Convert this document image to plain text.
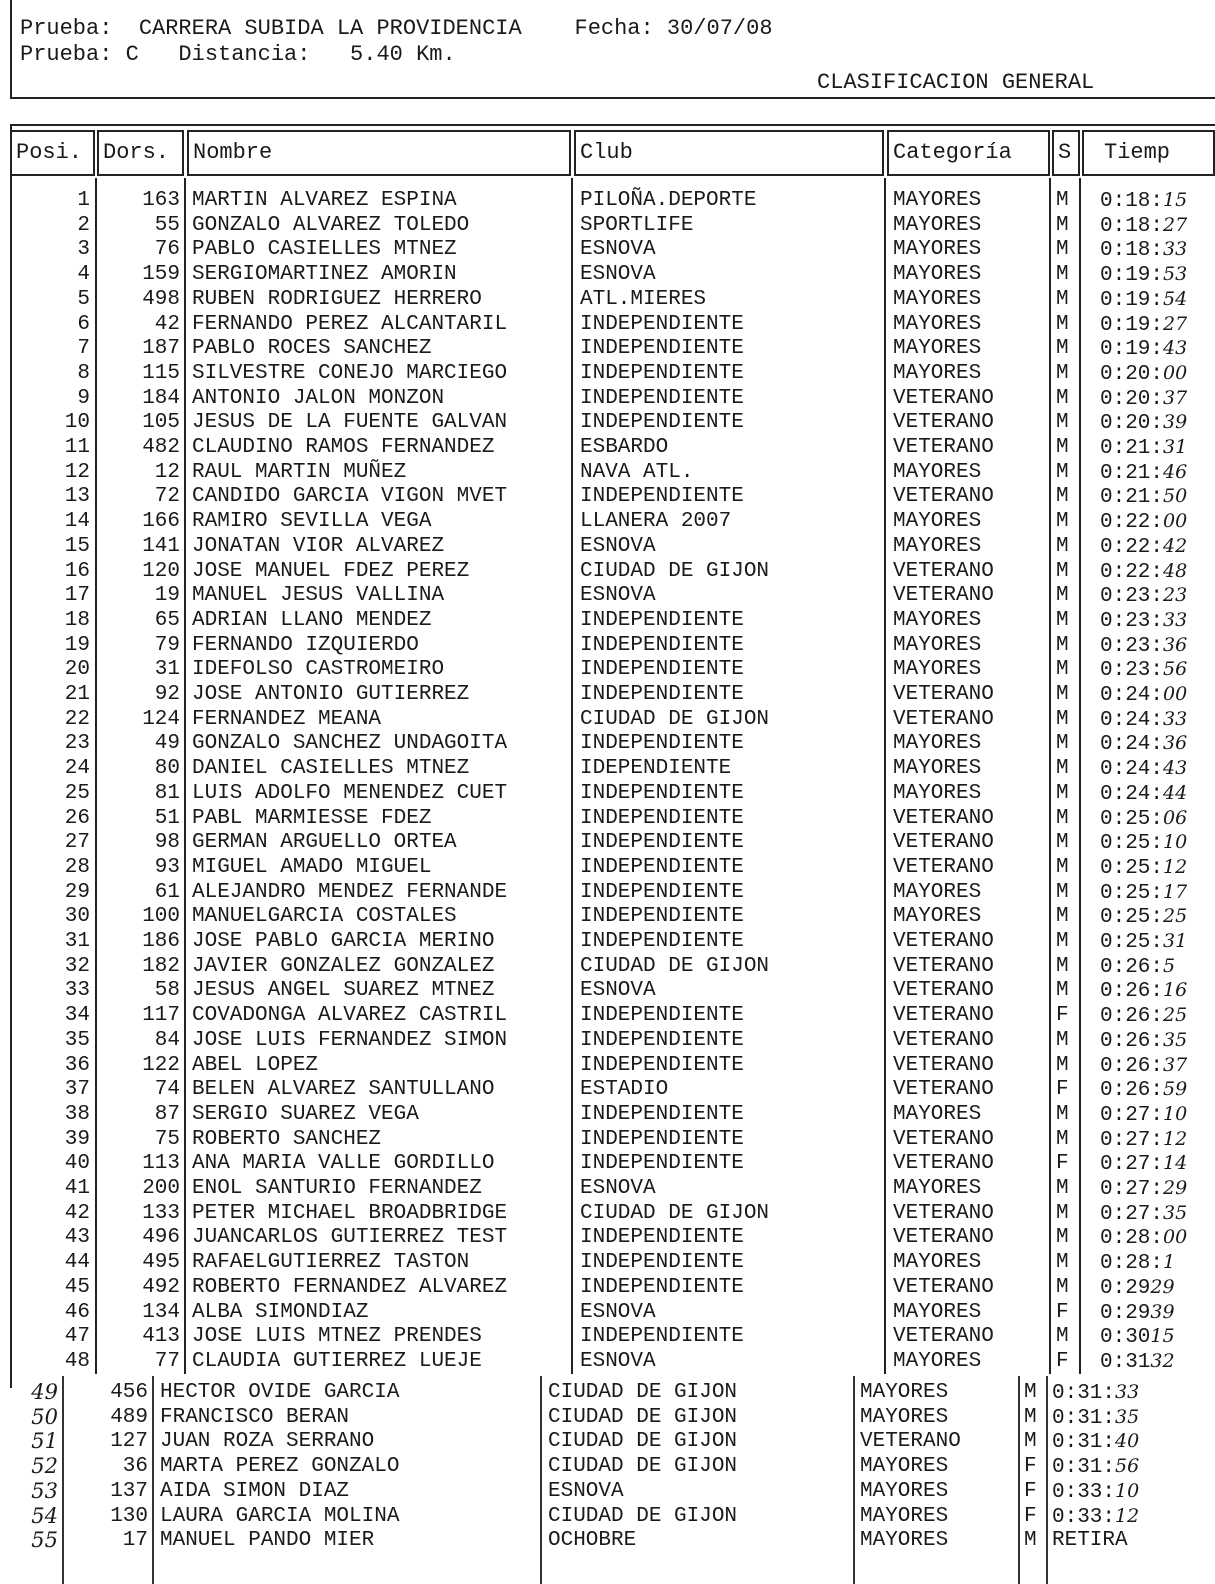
Prueba:  CARRERA SUBIDA LA PROVIDENCIA    Fecha: 30/07/08
Prueba: C   Distancia:   5.40 Km.
CLASIFICACION GENERAL
Posi. Dors.	Nombre	Club	Categoría	S	Tiemp
1	163 MARTIN ALVAREZ ESPINA	PILOÑA.DEPORTE	MAYORES	M 0:18:15
2	55 GONZALO ALVAREZ TOLEDO	SPORTLIFE	MAYORES	M 0:18:27
3	76 PABLO CASIELLES MTNEZ	ESNOVA	MAYORES	M 0:18:33
4	159 SERGIOMARTINEZ AMORIN	ESNOVA	MAYORES	M 0:19:53
5	498 RUBEN RODRIGUEZ HERRERO	ATL.MIERES	MAYORES	M 0:19:54
6	42 FERNANDO PEREZ ALCANTARIL	INDEPENDIENTE	MAYORES	M 0:19:27
7	187 PABLO ROCES SANCHEZ	INDEPENDIENTE	MAYORES	M 0:19:43
8	115 SILVESTRE CONEJO MARCIEGO	INDEPENDIENTE	MAYORES	M 0:20:00
9	184 ANTONIO JALON MONZON	INDEPENDIENTE	VETERANO	M 0:20:37
10	105 JESUS DE LA FUENTE GALVAN	INDEPENDIENTE	VETERANO	M 0:20:39
11	482 CLAUDINO RAMOS FERNANDEZ	ESBARDO	VETERANO	M 0:21:31
12	12 RAUL MARTIN MUÑEZ	NAVA ATL.	MAYORES	M 0:21:46
13	72 CANDIDO GARCIA VIGON MVET	INDEPENDIENTE	VETERANO	M 0:21:50
14	166 RAMIRO SEVILLA VEGA	LLANERA 2007	MAYORES	M 0:22:00
15	141 JONATAN VIOR ALVAREZ	ESNOVA	MAYORES	M 0:22:42
16	120 JOSE MANUEL FDEZ PEREZ	CIUDAD DE GIJON	VETERANO	M 0:22:48
17	19 MANUEL JESUS VALLINA	ESNOVA	VETERANO	M 0:23:23
18	65 ADRIAN LLANO MENDEZ	INDEPENDIENTE	MAYORES	M 0:23:33
19	79 FERNANDO IZQUIERDO	INDEPENDIENTE	MAYORES	M 0:23:36
20	31 IDEFOLSO CASTROMEIRO	INDEPENDIENTE	MAYORES	M 0:23:56
21	92 JOSE ANTONIO GUTIERREZ	INDEPENDIENTE	VETERANO	M 0:24:00
22	124 FERNANDEZ MEANA	CIUDAD DE GIJON	VETERANO	M 0:24:33
23	49 GONZALO SANCHEZ UNDAGOITA	INDEPENDIENTE	MAYORES	M 0:24:36
24	80 DANIEL CASIELLES MTNEZ	IDEPENDIENTE	MAYORES	M 0:24:43
25	81 LUIS ADOLFO MENENDEZ CUET	INDEPENDIENTE	MAYORES	M 0:24:44
26	51 PABL MARMIESSE FDEZ	INDEPENDIENTE	VETERANO	M 0:25:06
27	98 GERMAN ARGUELLO ORTEA	INDEPENDIENTE	VETERANO	M 0:25:10
28	93 MIGUEL AMADO MIGUEL	INDEPENDIENTE	VETERANO	M 0:25:12
29	61 ALEJANDRO MENDEZ FERNANDE	INDEPENDIENTE	MAYORES	M 0:25:17
30	100 MANUELGARCIA COSTALES	INDEPENDIENTE	MAYORES	M 0:25:25
31	186 JOSE PABLO GARCIA MERINO	INDEPENDIENTE	VETERANO	M 0:25:31
32	182 JAVIER GONZALEZ GONZALEZ	CIUDAD DE GIJON	VETERANO	M 0:26:5
33	58 JESUS ANGEL SUAREZ MTNEZ	ESNOVA	VETERANO	M 0:26:16
34	117 COVADONGA ALVAREZ CASTRIL	INDEPENDIENTE	VETERANO	F 0:26:25
35	84 JOSE LUIS FERNANDEZ SIMON	INDEPENDIENTE	VETERANO	M 0:26:35
36	122 ABEL LOPEZ	INDEPENDIENTE	VETERANO	M 0:26:37
37	74 BELEN ALVAREZ SANTULLANO	ESTADIO	VETERANO	F 0:26:59
38	87 SERGIO SUAREZ VEGA	INDEPENDIENTE	MAYORES	M 0:27:10
39	75 ROBERTO SANCHEZ	INDEPENDIENTE	VETERANO	M 0:27:12
40	113 ANA MARIA VALLE GORDILLO	INDEPENDIENTE	VETERANO	F 0:27:14
41	200 ENOL SANTURIO FERNANDEZ	ESNOVA	MAYORES	M 0:27:29
42	133 PETER MICHAEL BROADBRIDGE	CIUDAD DE GIJON	VETERANO	M 0:27:35
43	496 JUANCARLOS GUTIERREZ TEST	INDEPENDIENTE	VETERANO	M 0:28:00
44	495 RAFAELGUTIERREZ TASTON	INDEPENDIENTE	MAYORES	M 0:28:1
45	492 ROBERTO FERNANDEZ ALVAREZ	INDEPENDIENTE	VETERANO	M 0:2929
46	134 ALBA SIMONDIAZ	ESNOVA	MAYORES	F 0:2939
47	413 JOSE LUIS MTNEZ PRENDES	INDEPENDIENTE	VETERANO	M 0:3015
48	77 CLAUDIA GUTIERREZ LUEJE	ESNOVA	MAYORES	F 0:3132
49	456 HECTOR OVIDE GARCIA	CIUDAD DE GIJON	MAYORES	M 0:31:33
50	489 FRANCISCO BERAN	CIUDAD DE GIJON	MAYORES	M 0:31:35
51	127 JUAN ROZA SERRANO	CIUDAD DE GIJON	VETERANO	M 0:31:40
52	36 MARTA PEREZ GONZALO	CIUDAD DE GIJON	MAYORES	F 0:31:56
53	137 AIDA SIMON DIAZ	ESNOVA	MAYORES	F 0:33:10
54	130 LAURA GARCIA MOLINA	CIUDAD DE GIJON	MAYORES	F 0:33:12
55	17 MANUEL PANDO MIER	OCHOBRE	MAYORES	M RETIRA
